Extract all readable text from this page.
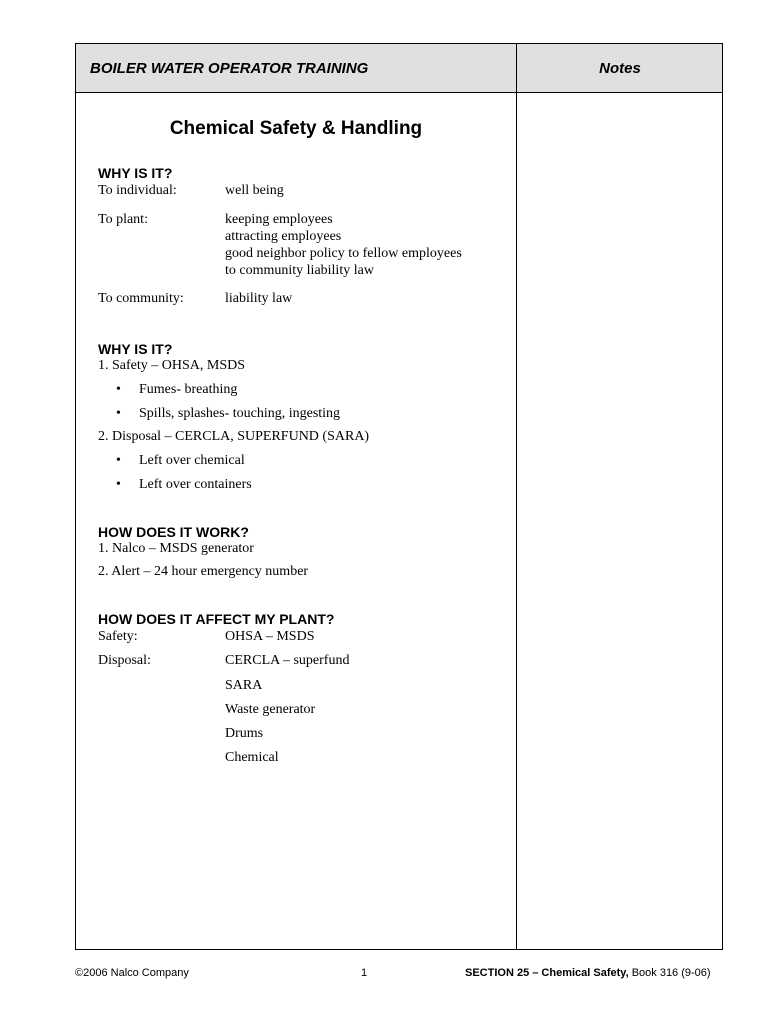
BOILER WATER OPERATOR TRAINING	Notes
Chemical Safety & Handling
WHY IS IT?
To individual:	well being
To plant:	keeping employees
attracting employees
good neighbor policy to fellow employees
to community liability law
To community:	liability law
WHY IS IT?
1. Safety – OHSA, MSDS
• Fumes- breathing
• Spills, splashes- touching, ingesting
2. Disposal – CERCLA, SUPERFUND (SARA)
• Left over chemical
• Left over containers
HOW DOES IT WORK?
1. Nalco – MSDS generator
2. Alert – 24 hour emergency number
HOW DOES IT AFFECT MY PLANT?
Safety:	OHSA – MSDS
Disposal:	CERCLA – superfund
SARA
Waste generator
Drums
Chemical
©2006 Nalco Company	1	SECTION 25 – Chemical Safety, Book 316 (9-06)
